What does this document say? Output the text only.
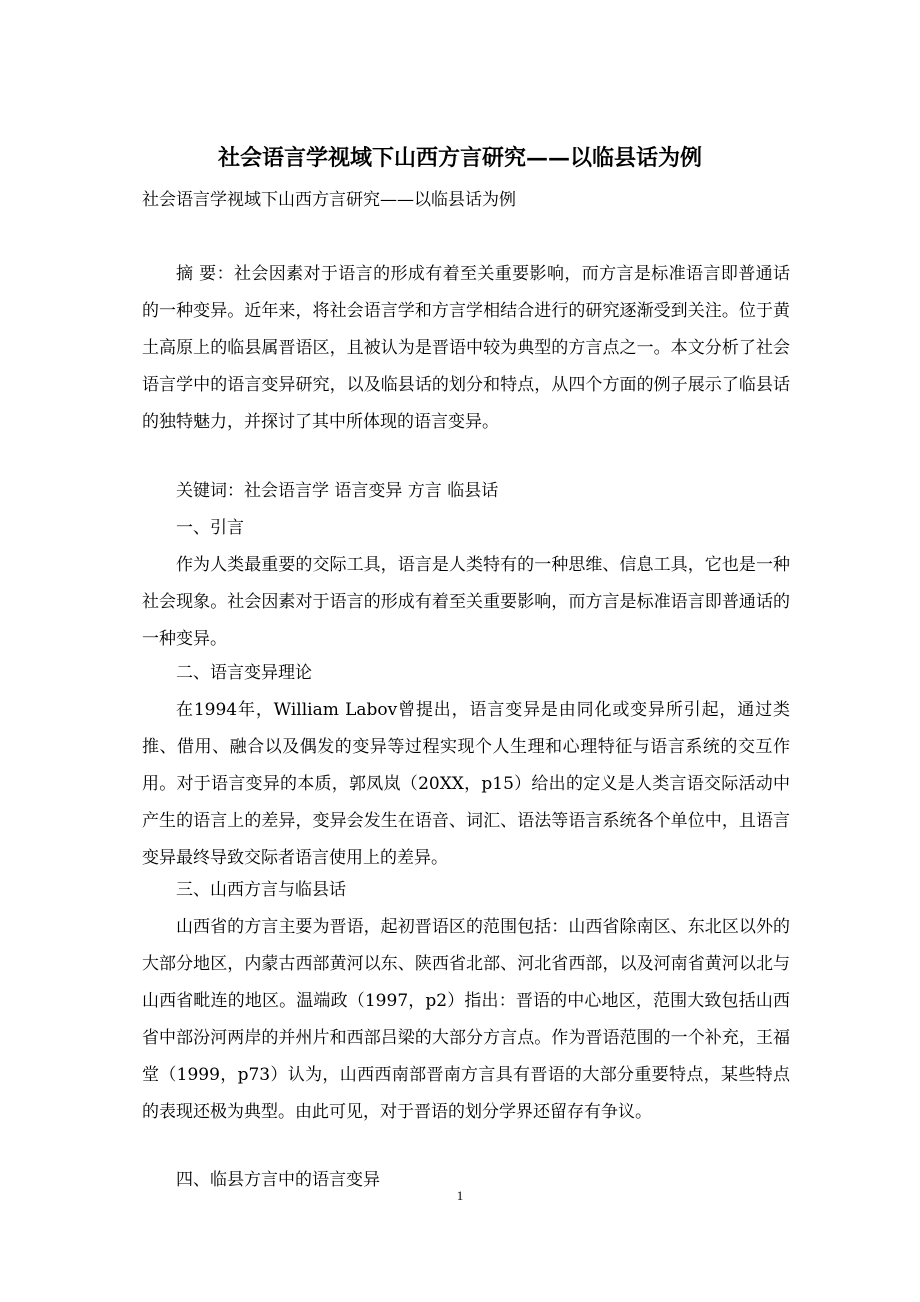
社会语言学视域下山西方言研究——以临县话为例

社会语言学视域下山西方言研究——以临县话为例

摘 要：社会因素对于语言的形成有着至关重要影响，而方言是标准语言即普通话的一种变异。近年来，将社会语言学和方言学相结合进行的研究逐渐受到关注。位于黄土高原上的临县属晋语区，且被认为是晋语中较为典型的方言点之一。本文分析了社会语言学中的语言变异研究，以及临县话的划分和特点，从四个方面的例子展示了临县话的独特魅力，并探讨了其中所体现的语言变异。

关键词：社会语言学 语言变异 方言 临县话

一、引言

作为人类最重要的交际工具，语言是人类特有的一种思维、信息工具，它也是一种社会现象。社会因素对于语言的形成有着至关重要影响，而方言是标准语言即普通话的一种变异。

二、语言变异理论

在1994年，William Labov曾提出，语言变异是由同化或变异所引起，通过类推、借用、融合以及偶发的变异等过程实现个人生理和心理特征与语言系统的交互作用。对于语言变异的本质，郭凤岚（20XX，p15）给出的定义是人类言语交际活动中产生的语言上的差异，变异会发生在语音、词汇、语法等语言系统各个单位中，且语言变异最终导致交际者语言使用上的差异。

三、山西方言与临县话

山西省的方言主要为晋语，起初晋语区的范围包括：山西省除南区、东北区以外的大部分地区，内蒙古西部黄河以东、陕西省北部、河北省西部，以及河南省黄河以北与山西省毗连的地区。温端政（1997，p2）指出：晋语的中心地区，范围大致包括山西省中部汾河两岸的并州片和西部吕梁的大部分方言点。作为晋语范围的一个补充，王福堂（1999，p73）认为，山西西南部晋南方言具有晋语的大部分重要特点，某些特点的表现还极为典型。由此可见，对于晋语的划分学界还留存有争议。

四、临县方言中的语言变异

1
